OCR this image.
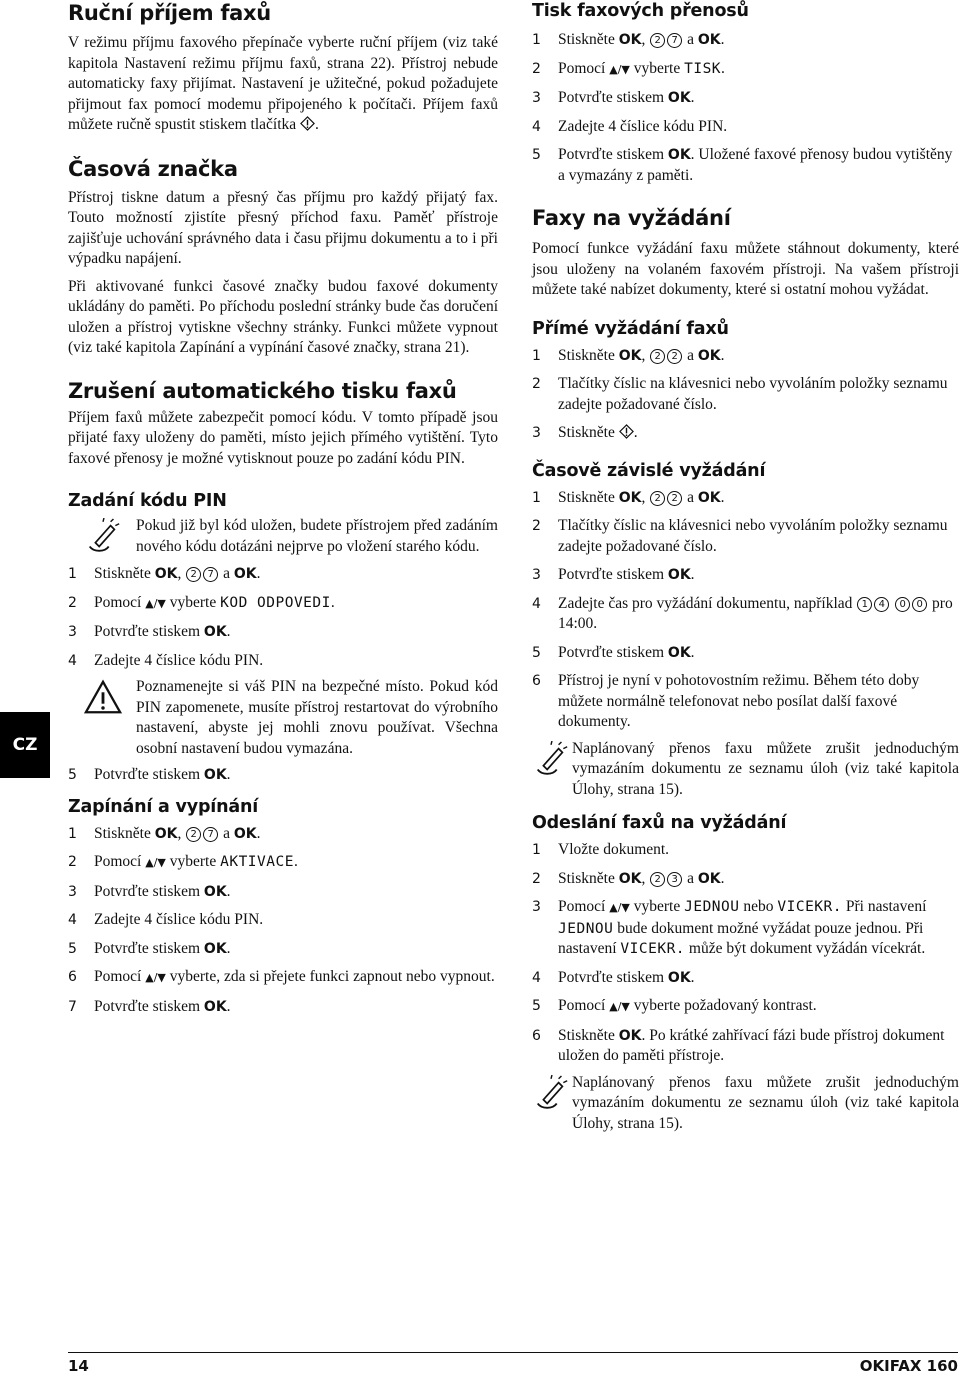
CZ
Ruční příjem faxů

V režimu příjmu faxového přepínače vyberte ruční příjem (viz také kapitola Nastavení režimu příjmu faxů, strana 22). Přístroj nebude automaticky faxy přijímat. Nastavení je užitečné, pokud požadujete přijmout fax pomocí modemu připojeného k počítači. Příjem faxů můžete ručně spustit stiskem tlačítka .

Časová značka

Přístroj tiskne datum a přesný čas příjmu pro každý přijatý fax. Touto možností zjistíte přesný příchod faxu. Paměť přístroje zajišťuje uchování správného data i času přijmu dokumentu a to i při výpadku napájení.

Při aktivované funkci časové značky budou faxové dokumenty ukládány do paměti. Po příchodu poslední stránky bude čas doručení uložen a přístroj vytiskne všechny stránky. Funkci můžete vypnout (viz také kapitola Zapínání a vypínání časové značky, strana 21).

Zrušení automatického tisku faxů

Příjem faxů můžete zabezpečit pomocí kódu. V tomto případě jsou přijaté faxy uloženy do paměti, místo jejich přímého vytištění. Tyto faxové přenosy je možné vytisknout pouze po zadání kódu PIN.

Zadání kódu PIN
Pokud již byl kód uložen, budete přístrojem před zadáním nového kódu dotázáni nejprve po vložení starého kódu.
1 Stiskněte OK, 2 7 a OK.
2 Pomocí ▲/▼ vyberte KOD ODPOVEDI.
3 Potvrďte stiskem OK.
4 Zadejte 4 číslice kódu PIN.
Poznamenejte si váš PIN na bezpečné místo. Pokud kód PIN zapomenete, musíte přístroj restartovat do výrobního nastavení, abyste jej mohli znovu používat. Všechna osobní nastavení budou vymazána.
5 Potvrďte stiskem OK.
Zapínání a vypínání
1 Stiskněte OK, 2 7 a OK.
2 Pomocí ▲/▼ vyberte AKTIVACE.
3 Potvrďte stiskem OK.
4 Zadejte 4 číslice kódu PIN.
5 Potvrďte stiskem OK.
6 Pomocí ▲/▼ vyberte, zda si přejete funkci zapnout nebo vypnout.
7 Potvrďte stiskem OK.
Tisk faxových přenosů
1 Stiskněte OK, 2 7 a OK.
2 Pomocí ▲/▼ vyberte TISK.
3 Potvrďte stiskem OK.
4 Zadejte 4 číslice kódu PIN.
5 Potvrďte stiskem OK. Uložené faxové přenosy budou vytištěny a vymazány z paměti.
Faxy na vyžádání

Pomocí funkce vyžádání faxu můžete stáhnout dokumenty, které jsou uloženy na volaném faxovém přístroji. Na vašem přístroji můžete také nabízet dokumenty, které si ostatní mohou vyžádat.

Přímé vyžádání faxů
1 Stiskněte OK, 2 2 a OK.
2 Tlačítky číslic na klávesnici nebo vyvoláním položky seznamu zadejte požadované číslo.
3 Stiskněte .
Časově závislé vyžádání
1 Stiskněte OK, 2 2 a OK.
2 Tlačítky číslic na klávesnici nebo vyvoláním položky seznamu zadejte požadované číslo.
3 Potvrďte stiskem OK.
4 Zadejte čas pro vyžádání dokumentu, například 1 4 0 0 pro 14:00.
5 Potvrďte stiskem OK.
6 Přístroj je nyní v pohotovostním režimu. Během této doby můžete normálně telefonovat nebo posílat další faxové dokumenty.
Naplánovaný přenos faxu můžete zrušit jednoduchým vymazáním dokumentu ze seznamu úloh (viz také kapitola Úlohy, strana 15).
Odeslání faxů na vyžádání
1 Vložte dokument.
2 Stiskněte OK, 2 3 a OK.
3 Pomocí ▲/▼ vyberte JEDNOU nebo VICEKR. Při nastavení JEDNOU bude dokument možné vyžádat pouze jednou. Při nastavení VICEKR. může být dokument vyžádán vícekrát.
4 Potvrďte stiskem OK.
5 Pomocí ▲/▼ vyberte požadovaný kontrast.
6 Stiskněte OK. Po krátké zahřívací fázi bude přístroj dokument uložen do paměti přístroje.
Naplánovaný přenos faxu můžete zrušit jednoduchým vymazáním dokumentu ze seznamu úloh (viz také kapitola Úlohy, strana 15).
14	OKIFAX 160
